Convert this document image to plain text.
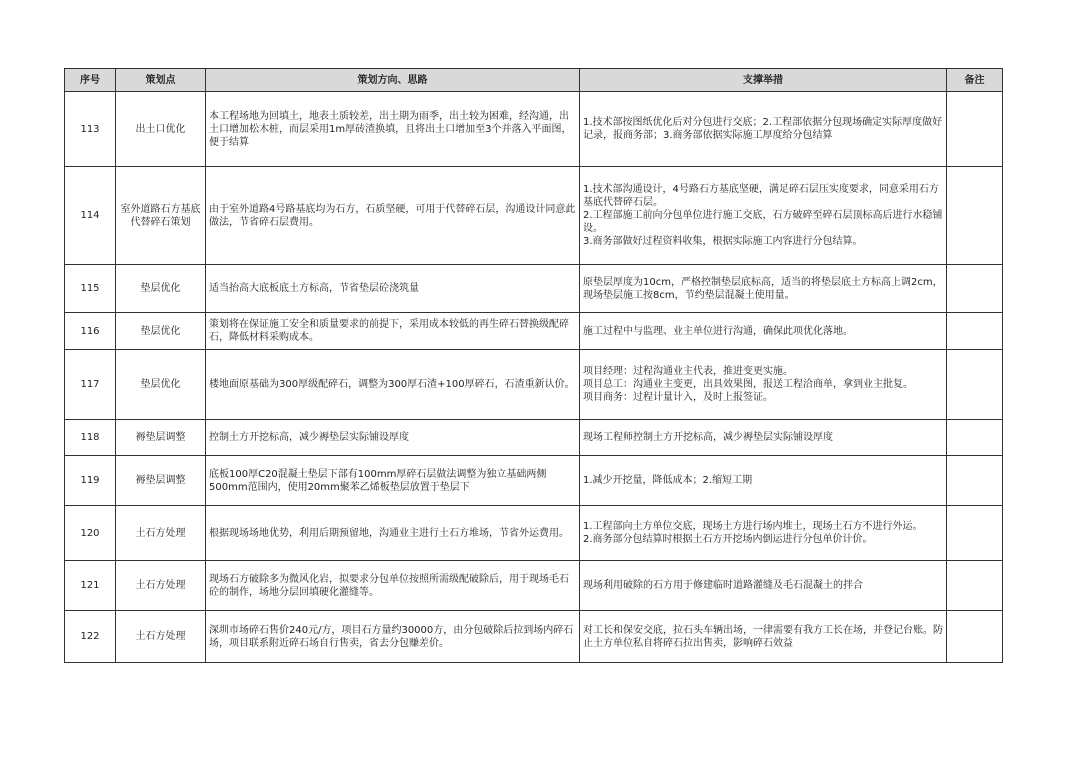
序号	策划点	策划方向、思路	支撑举措	备注
113	出土口优化	本工程场地为回填土，地表土质较差，出土期为雨季，出土较为困难，经沟通，出土口增加松木桩，而层采用1m厚砖渣换填，且将出土口增加至3个并落入平面图，便于结算	1.技术部按图纸优化后对分包进行交底；2.工程部依据分包现场确定实际厚度做好记录，报商务部；3.商务部依据实际施工厚度给分包结算	

114	室外道路石方基底代替碎石策划	由于室外道路4号路基底均为石方，石质坚硬，可用于代替碎石层，沟通设计同意此做法，节省碎石层费用。	1.技术部沟通设计，4号路石方基底坚硬，满足碎石层压实度要求，同意采用石方基底代替碎石层。
2.工程部施工前向分包单位进行施工交底，石方破碎至碎石层顶标高后进行水稳铺设。
3.商务部做好过程资料收集，根据实际施工内容进行分包结算。	

115	垫层优化	适当抬高大底板底土方标高，节省垫层砼浇筑量	原垫层厚度为10cm，严格控制垫层底标高，适当的将垫层底土方标高上调2cm，现场垫层施工按8cm，节约垫层混凝土使用量。	

116	垫层优化	策划将在保证施工安全和质量要求的前提下，采用成本较低的再生碎石替换级配碎石，降低材料采购成本。	施工过程中与监理、业主单位进行沟通，确保此项优化落地。	

117	垫层优化	楼地面原基础为300厚级配碎石，调整为300厚石渣+100厚碎石，石渣重新认价。	项目经理：过程沟通业主代表，推进变更实施。
项目总工：沟通业主变更，出具效果图，报送工程洽商单，拿到业主批复。
项目商务：过程计量计入，及时上报签证。	

118	褥垫层调整	控制土方开挖标高，减少褥垫层实际铺设厚度	现场工程师控制土方开挖标高，减少褥垫层实际铺设厚度	

119	褥垫层调整	底板100厚C20混凝土垫层下部有100mm厚碎石层做法调整为独立基础两侧500mm范围内，使用20mm聚苯乙烯板垫层放置于垫层下	1.减少开挖量，降低成本；2.缩短工期	

120	土石方处理	根据现场场地优势，利用后期预留地，沟通业主进行土石方堆场，节省外运费用。	1.工程部向土方单位交底，现场土方进行场内堆土，现场土石方不进行外运。
2.商务部分包结算时根据土石方开挖场内倒运进行分包单价计价。	

121	土石方处理	现场石方破除多为微风化岩，拟要求分包单位按照所需级配破除后，用于现场毛石砼的制作，场地分层回填硬化灌缝等。	现场利用破除的石方用于修建临时道路灌缝及毛石混凝土的拌合	

122	土石方处理	深圳市场碎石售价240元/方，项目石方量约30000方，由分包破除后拉到场内碎石场，项目联系附近碎石场自行售卖，省去分包赚差价。	对工长和保安交底，拉石头车辆出场，一律需要有我方工长在场，并登记台账。防止土方单位私自将碎石拉出售卖，影响碎石效益	
